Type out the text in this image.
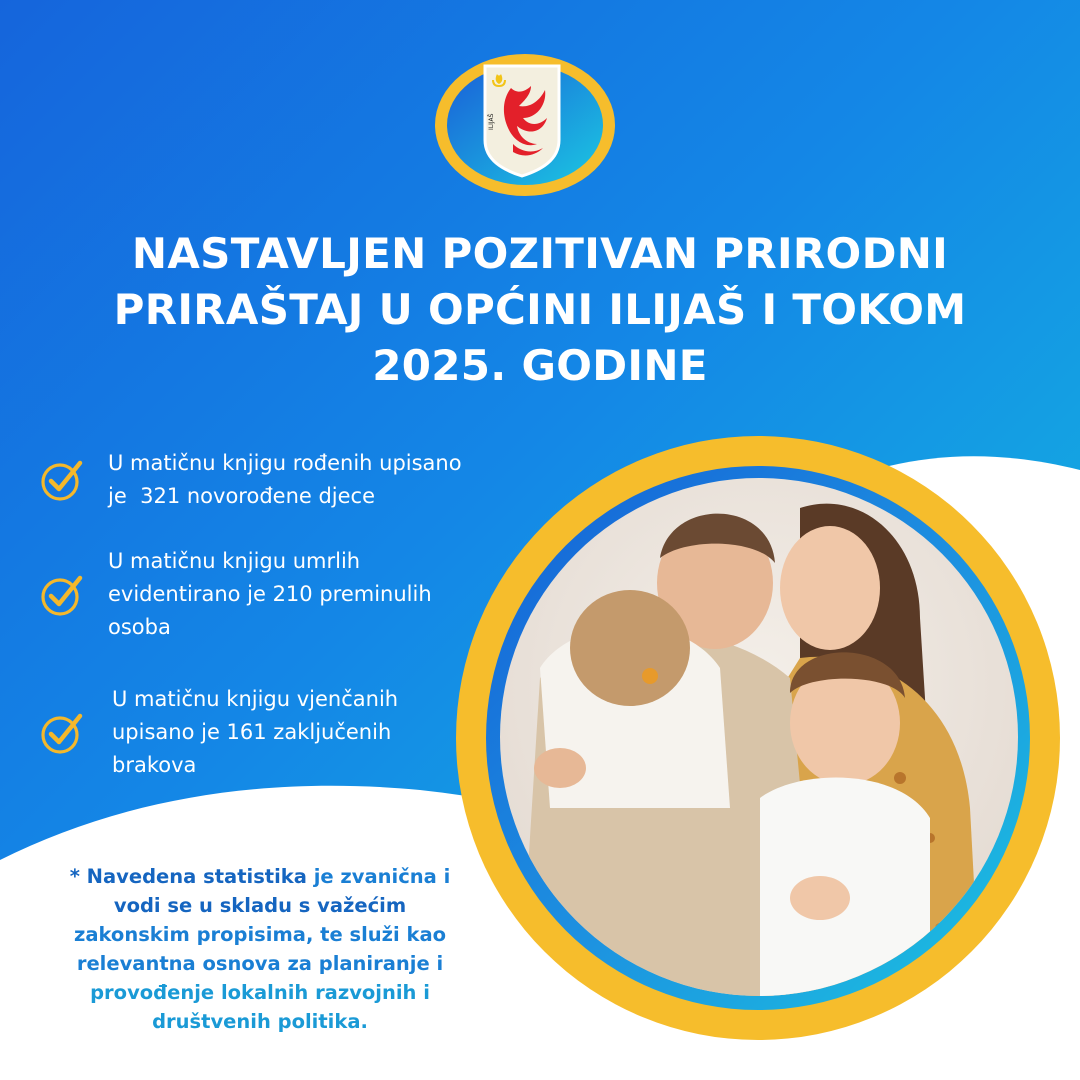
ILIJAŠ
NASTAVLJEN POZITIVAN PRIRODNI
PRIRAŠTAJ U OPĆINI ILIJAŠ I TOKOM
2025. GODINE
U matičnu knjigu rođenih upisano
je  321 novorođene djece
U matičnu knjigu umrlih
evidentirano je 210 preminulih
osoba
U matičnu knjigu vjenčanih
upisano je 161 zaključenih
brakova
* Navedena statistika je zvanična i
vodi se u skladu s važećim
zakonskim propisima, te služi kao
relevantna osnova za planiranje i
provođenje lokalnih razvojnih i
društvenih politika.
